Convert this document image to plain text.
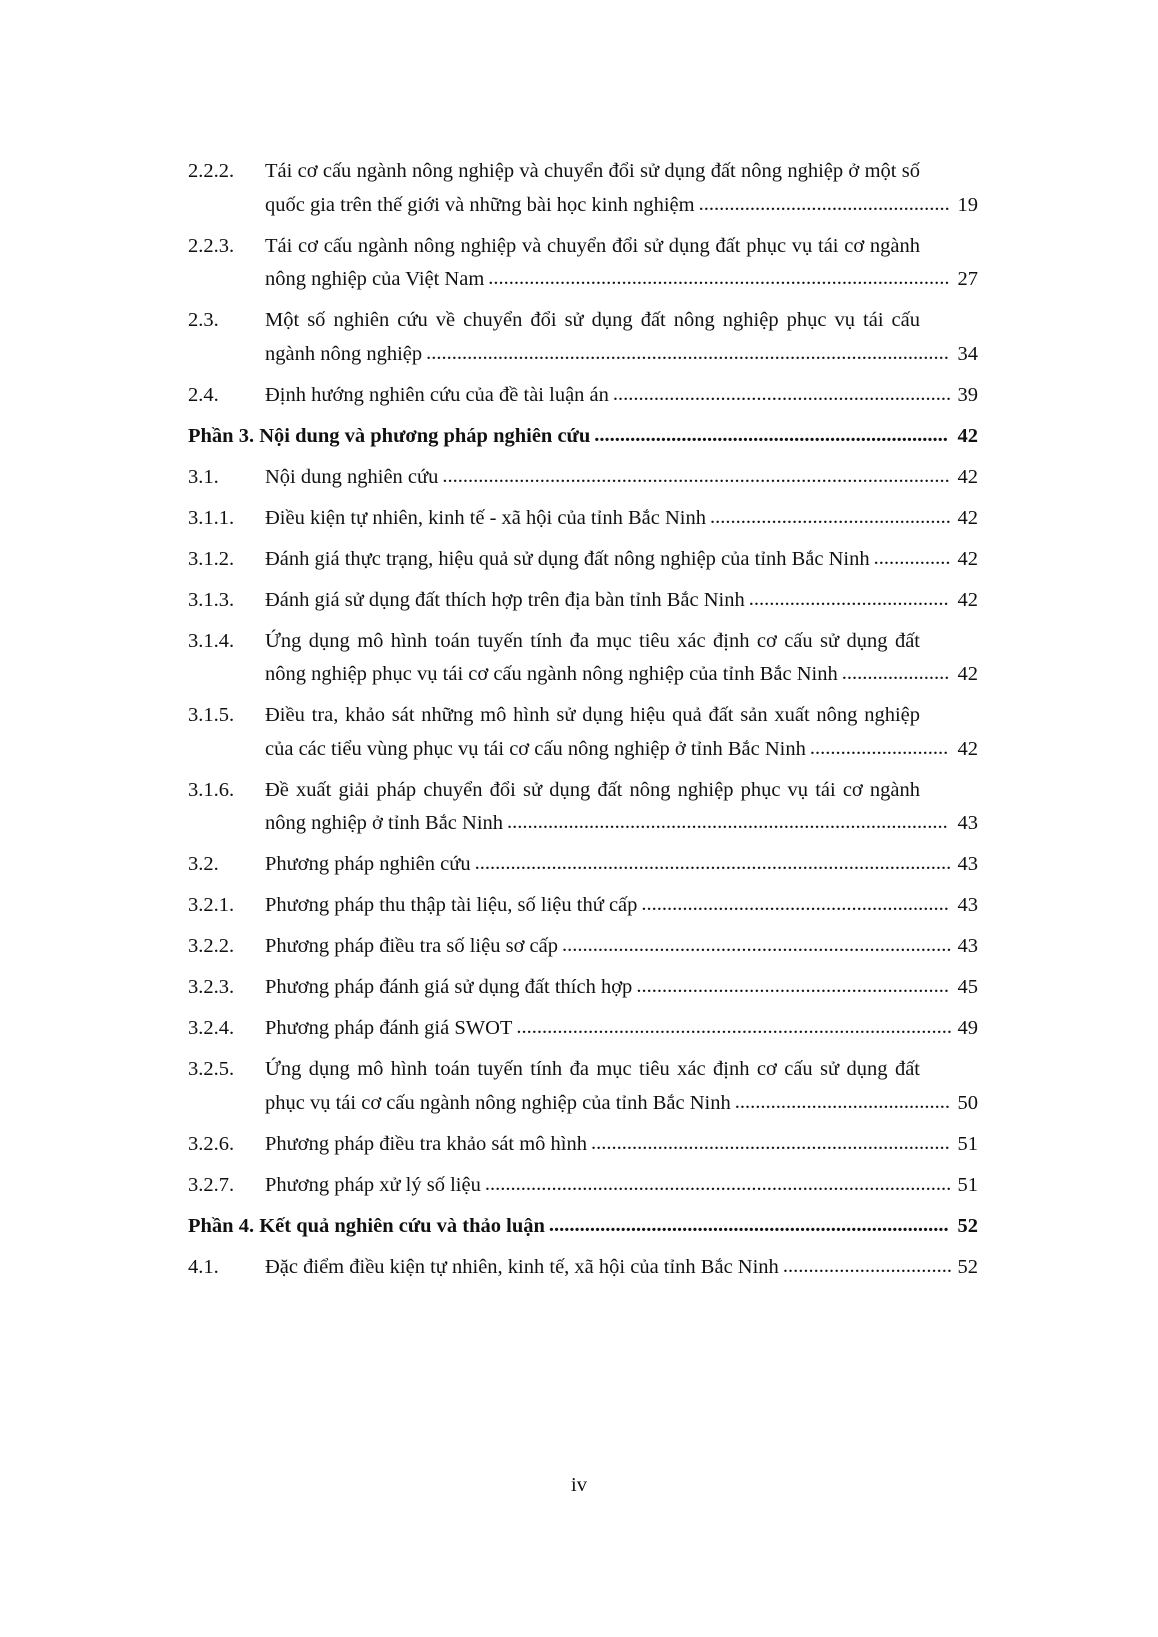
2.2.2.	Tái cơ cấu ngành nông nghiệp và chuyển đổi sử dụng đất nông nghiệp ở một số quốc gia trên thế giới và những bài học kinh nghiệm ................................................. 19
2.2.3.	Tái cơ cấu ngành nông nghiệp và chuyển đổi sử dụng đất phục vụ tái cơ ngành nông nghiệp của Việt Nam .......................................................................................... 27
2.3.	Một số nghiên cứu về chuyển đổi sử dụng đất nông nghiệp phục vụ tái cấu ngành nông nghiệp ...................................................................................................... 34
2.4.	Định hướng nghiên cứu của đề tài luận án .................................................................. 39
Phần 3. Nội dung và phương pháp nghiên cứu ..................................................................... 42
3.1.	Nội dung nghiên cứu ................................................................................................... 42
3.1.1.	Điều kiện tự nhiên, kinh tế - xã hội của tỉnh Bắc Ninh ............................................... 42
3.1.2.	Đánh giá thực trạng, hiệu quả sử dụng đất nông nghiệp của tỉnh Bắc Ninh ............... 42
3.1.3.	Đánh giá sử dụng đất thích hợp trên địa bàn tỉnh Bắc Ninh ....................................... 42
3.1.4.	Ứng dụng mô hình toán tuyến tính đa mục tiêu xác định cơ cấu sử dụng đất nông nghiệp phục vụ tái cơ cấu ngành nông nghiệp của tỉnh Bắc Ninh ..................... 42
3.1.5.	Điều tra, khảo sát những mô hình sử dụng hiệu quả đất sản xuất nông nghiệp của các tiểu vùng phục vụ tái cơ cấu nông nghiệp ở tỉnh Bắc Ninh ........................... 42
3.1.6.	Đề xuất giải pháp chuyển đổi sử dụng đất nông nghiệp phục vụ tái cơ ngành nông nghiệp ở tỉnh Bắc Ninh ...................................................................................... 43
3.2.	Phương pháp nghiên cứu ............................................................................................. 43
3.2.1.	Phương pháp thu thập tài liệu, số liệu thứ cấp ............................................................ 43
3.2.2.	Phương pháp điều tra số liệu sơ cấp ............................................................................ 43
3.2.3.	Phương pháp đánh giá sử dụng đất thích hợp ............................................................. 45
3.2.4.	Phương pháp đánh giá SWOT ..................................................................................... 49
3.2.5.	Ứng dụng mô hình toán tuyến tính đa mục tiêu xác định cơ cấu sử dụng đất phục vụ tái cơ cấu ngành nông nghiệp của tỉnh Bắc Ninh .......................................... 50
3.2.6.	Phương pháp điều tra khảo sát mô hình ...................................................................... 51
3.2.7.	Phương pháp xử lý số liệu ........................................................................................... 51
Phần 4. Kết quả nghiên cứu và thảo luận .............................................................................. 52
4.1.	Đặc điểm điều kiện tự nhiên, kinh tế, xã hội của tỉnh Bắc Ninh ................................. 52
iv
